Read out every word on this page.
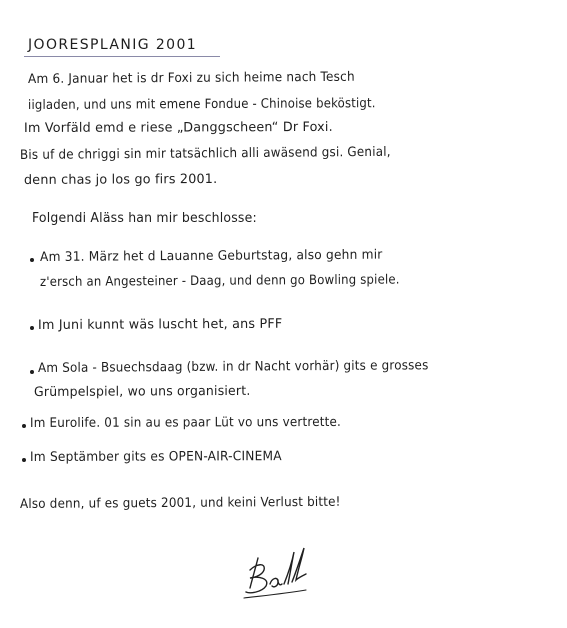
JOORESPLANIG 2001
Am 6. Januar het is dr Foxi zu sich heime nach Tesch
iigladen, und uns mit emene Fondue - Chinoise beköstigt.
Im Vorfäld emd e riese „Danggscheen“ Dr Foxi.
Bis uf de chriggi sin mir tatsächlich alli awäsend gsi. Genial,
denn chas jo los go firs 2001.
Folgendi Aläss han mir beschlosse:
Am 31. März het d Lauanne Geburtstag, also gehn mir
z'ersch an Angesteiner - Daag, und denn go Bowling spiele.
Im Juni kunnt wäs luscht het, ans PFF
Am Sola - Bsuechsdaag (bzw. in dr Nacht vorhär) gits e grosses
Grümpelspiel, wo uns organisiert.
Im Eurolife. 01 sin au es paar Lüt vo uns vertrette.
Im Septämber gits es OPEN-AIR-CINEMA
Also denn, uf es guets 2001, und keini Verlust bitte!
